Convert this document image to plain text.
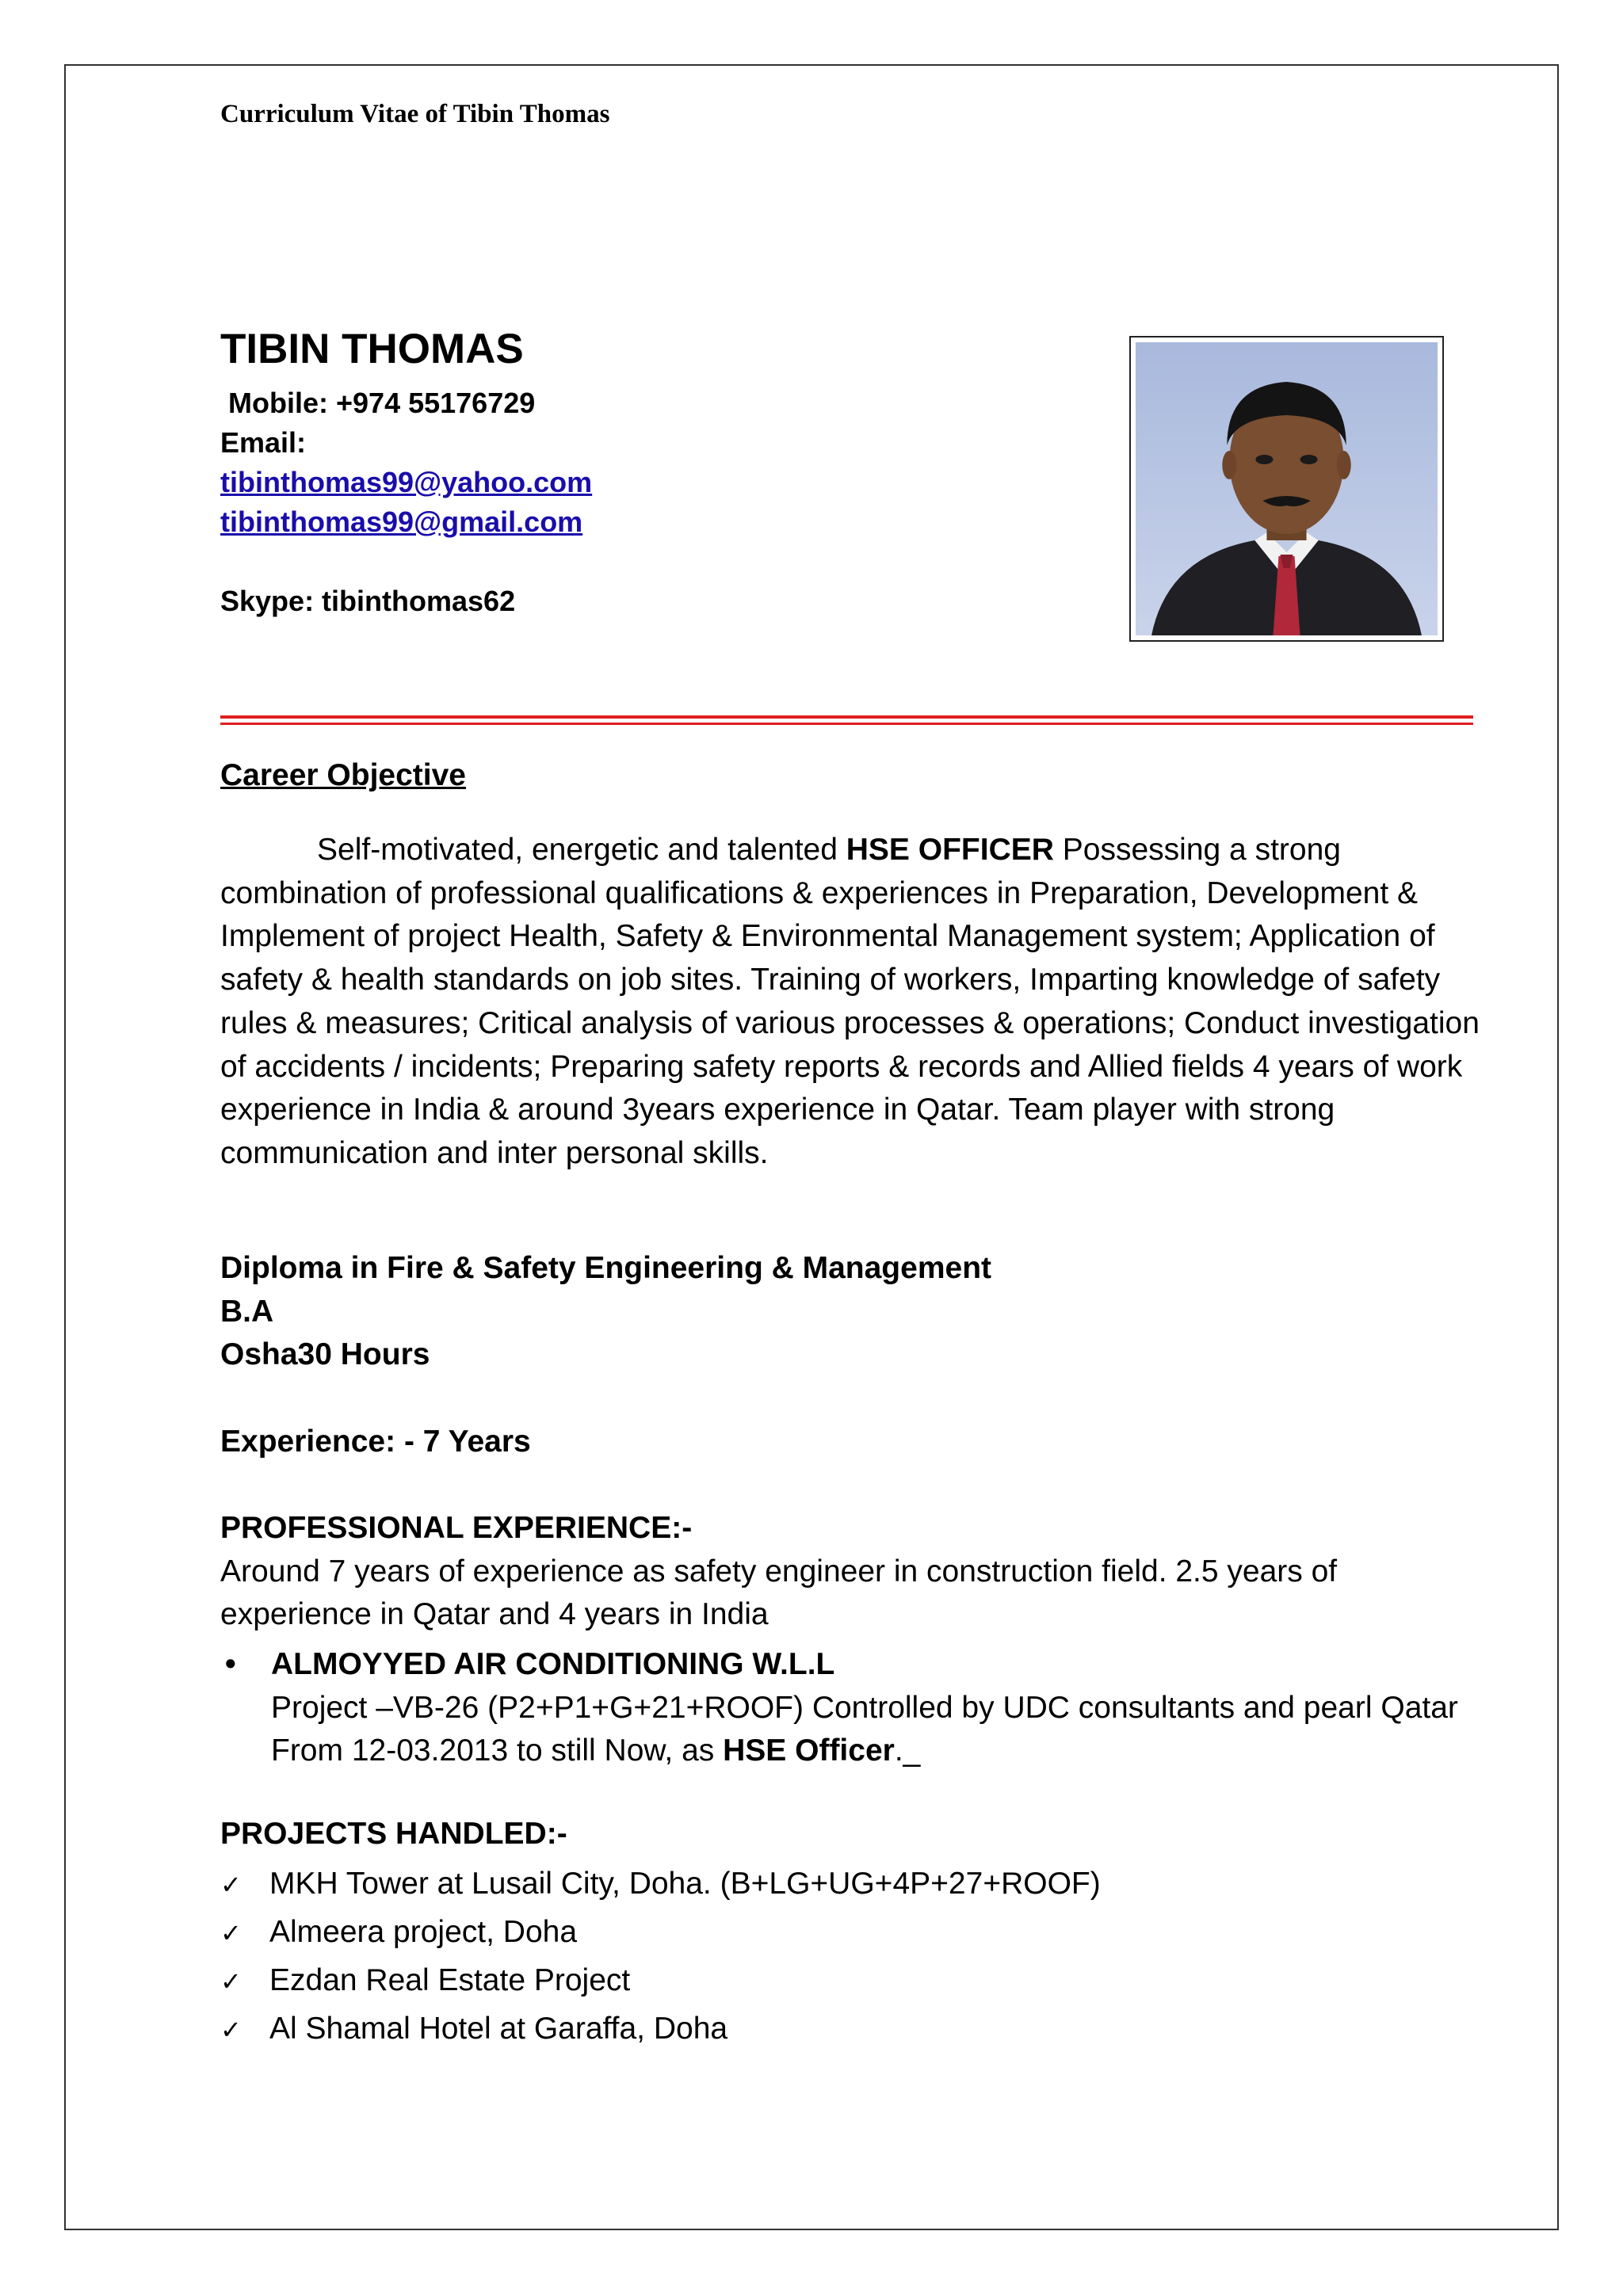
Curriculum Vitae of Tibin Thomas
TIBIN THOMAS
Mobile: +974 55176729
Email:
tibinthomas99@yahoo.com
tibinthomas99@gmail.com
Skype: tibinthomas62
Career Objective
Self-motivated, energetic and talented HSE OFFICER Possessing a strong combination of professional qualifications & experiences in Preparation, Development & Implement of project Health, Safety & Environmental Management system; Application of safety & health standards on job sites. Training of workers, Imparting knowledge of safety rules & measures; Critical analysis of various processes & operations; Conduct investigation of accidents / incidents; Preparing safety reports & records and Allied fields 4 years of work experience in India & around 3years experience in Qatar. Team player with strong communication and inter personal skills.
Diploma in Fire & Safety Engineering & Management
B.A
Osha30 Hours
Experience: - 7 Years
PROFESSIONAL EXPERIENCE:-
Around 7 years of experience as safety engineer in construction field. 2.5 years of experience in Qatar and 4 years in India
• ALMOYYED AIR CONDITIONING W.L.L
Project –VB-26 (P2+P1+G+21+ROOF) Controlled by UDC consultants and pearl Qatar From 12-03.2013 to still Now, as HSE Officer._
PROJECTS HANDLED:-
✓ MKH Tower at Lusail City, Doha. (B+LG+UG+4P+27+ROOF)
✓ Almeera project, Doha
✓ Ezdan Real Estate Project
✓ Al Shamal Hotel at Garaffa, Doha
